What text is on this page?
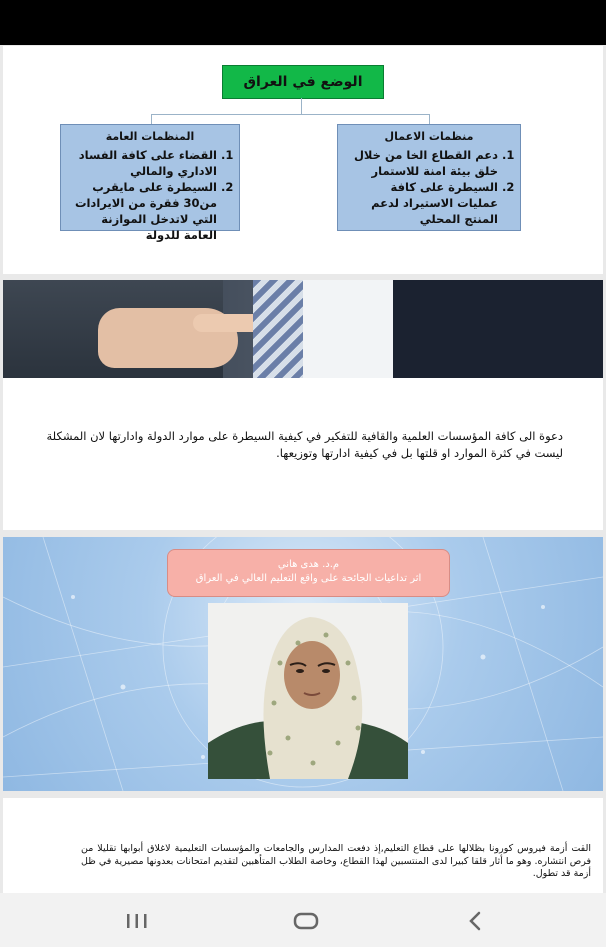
الوضع في العراق
منظمات الاعمال
1. دعم القطاع الخا من خلال خلق بيئة امنة للاستمار
2. السيطرة على كافة عمليات الاستيراد لدعم المنتج المحلي
المنظمات العامة
1. القضاء على كافة الفساد الاداري والمالي
2. السيطرة على مايقرب من30 فقرة من الايرادات التي لاتدخل الموازنة العامة للدولة
دعوة الى كافة المؤسسات العلمية والقافية للتفكير في كيفية السيطرة على موارد الدولة وادارتها لان المشكلة ليست في كثرة الموارد او قلتها بل في كيفية ادارتها وتوزيعها.
م.د. هدى هاني
اثر تداعيات الجائحة على واقع التعليم العالي في العراق
القت أزمة فيروس كورونا بظلالها على قطاع التعليم,إذ دفعت المدارس والجامعات والمؤسسات التعليمية لاغلاق أبوابها تقليلا من فرص انتشاره. وهو ما أثار قلقا كبيرا لدى المنتسبين لهذا القطاع، وخاصة الطلاب المتأهبين لتقديم امتحانات بعدونها مصيرية في ظل أزمة قد تطول.
